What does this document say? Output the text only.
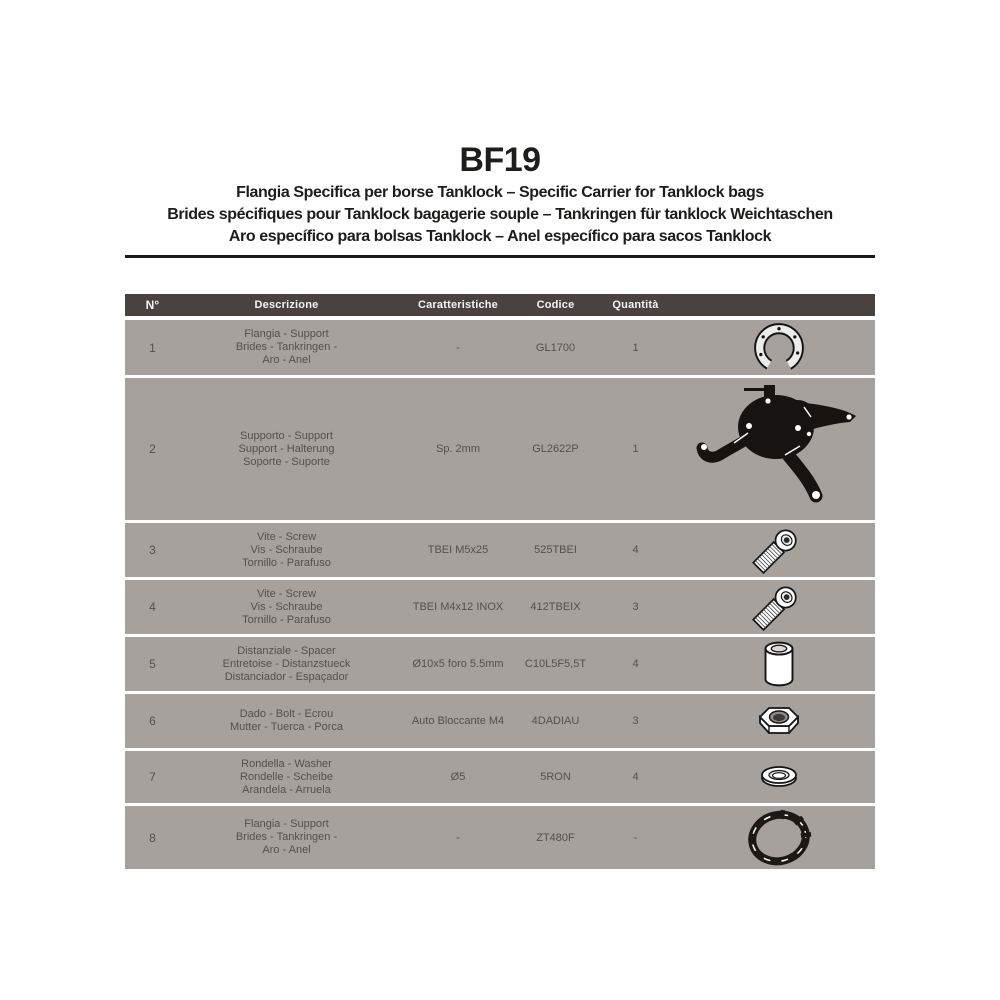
BF19
Flangia Specifica per borse Tanklock – Specific Carrier for Tanklock bags
Brides spécifiques pour Tanklock bagagerie souple – Tankringen für tanklock Weichtaschen
Aro específico para bolsas Tanklock – Anel específico para sacos Tanklock
N°	Descrizione	Caratteristiche	Codice	Quantità
1
Flangia - Support
Brides - Tankringen -
Aro - Anel
-	GL1700	1
2
Supporto - Support
Support - Halterung
Soporte - Suporte
Sp. 2mm	GL2622P	1
3
Vite - Screw
Vis - Schraube
Tornillo - Parafuso
TBEI M5x25	525TBEI	4
4
Vite - Screw
Vis - Schraube
Tornillo - Parafuso
TBEI M4x12 INOX	412TBEIX	3
5
Distanziale - Spacer
Entretoise - Distanzstueck
Distanciador - Espaçador
Ø10x5 foro 5.5mm	C10L5F5,5T	4
6	Dado - Bolt - Ecrou
Mutter - Tuerca - Porca	Auto Bloccante M4	4DADIAU	3
7
Rondella - Washer
Rondelle - Scheibe
Arandela - Arruela
Ø5	5RON	4
8
Flangia - Support
Brides - Tankringen -
Aro - Anel
-	ZT480F	-
